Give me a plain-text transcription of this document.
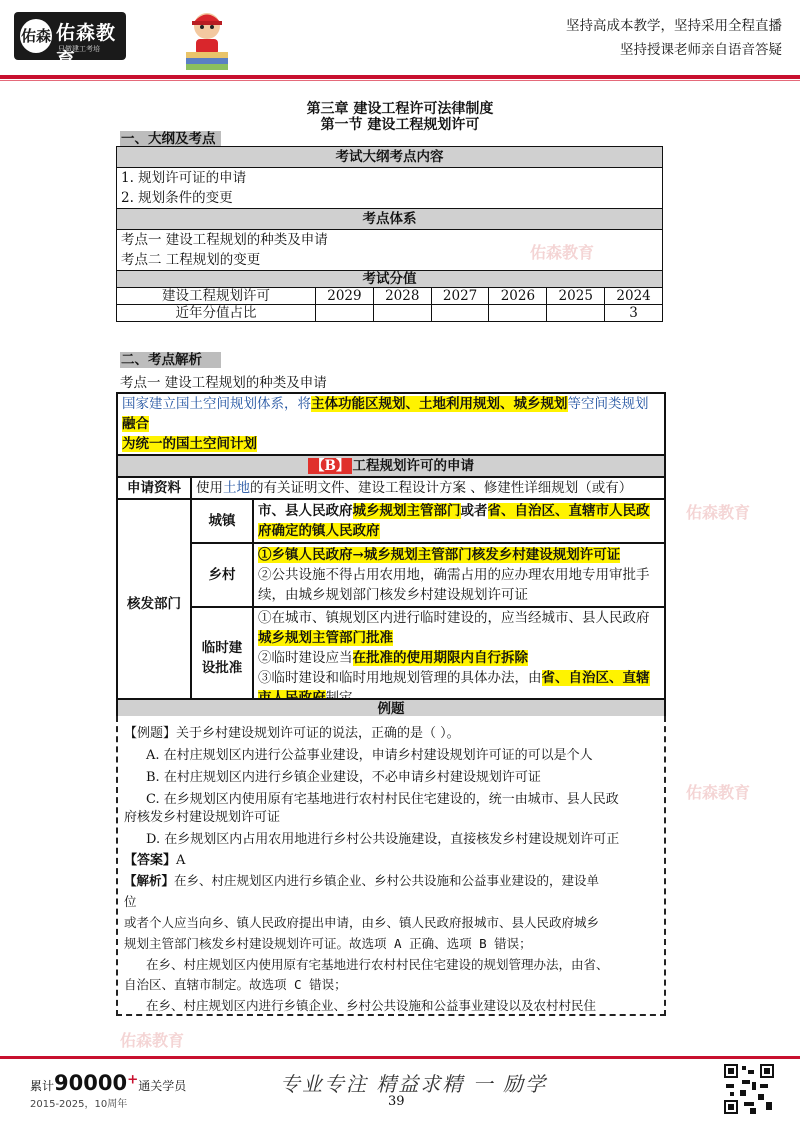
佑森 佑森教育
只做建工考培
坚持高成本教学，坚持采用全程直播
坚持授课老师亲自语音答疑
佑森教育
佑森教育
佑森教育
佑森教育
第三章 建设工程许可法律制度
第一节 建设工程规划许可
一、大纲及考点
考试大纲考点内容						
1. 规划许可证的申请						
2. 规划条件的变更						
考点体系						
考点一 建设工程规划的种类及申请						
考点二 工程规划的变更						
考试分值						
建设工程规划许可	2029	2028	2027	2026	2025	2024
近年分值占比						3
二、考点解析
考点一 建设工程规划的种类及申请
国家建立国土空间规划体系，将主体功能区规划、土地利用规划、城乡规划等空间类规划融合
为统一的国土空间计划		
【B】 工程规划许可的申请		
申请资料	使用土地的有关证明文件、建设工程设计方案 、修建性详细规划（或有）	
核发部门	城镇	市、县人民政府城乡规划主管部门或者省、自治区、直辖市人民政
府确定的镇人民政府
	乡村	①乡镇人民政府→城乡规划主管部门核发乡村建设规划许可证
②公共设施不得占用农用地，确需占用的应办理农用地专用审批手
续，由城乡规划部门核发乡村建设规划许可证
	临时建
设批准	①在城市、镇规划区内进行临时建设的，应当经城市、县人民政府
城乡规划主管部门批准
②临时建设应当在批准的使用期限内自行拆除
③临时建设和临时用地规划管理的具体办法，由省、自治区、直辖

例题
【例题】关于乡村建设规划许可证的说法，正确的是（ ）。
A. 在村庄规划区内进行公益事业建设，申请乡村建设规划许可证的可以是个人
B. 在村庄规划区内进行乡镇企业建设，不必申请乡村建设规划许可证
C. 在乡规划区内使用原有宅基地进行农村村民住宅建设的，统一由城市、县人民政
府核发乡村建设规划许可证
D. 在乡规划区内占用农用地进行乡村公共设施建设，直接核发乡村建设规划许可正
【答案】A
【解析】在乡、村庄规划区内进行乡镇企业、乡村公共设施和公益事业建设的，建设单
位
或者个人应当向乡、镇人民政府提出申请，由乡、镇人民政府报城市、县人民政府城乡
规划主管部门核发乡村建设规划许可证。故选项 A 正确、选项 B 错误；
在乡、村庄规划区内使用原有宅基地进行农村村民住宅建设的规划管理办法，由省、
自治区、直辖市制定。故选项 C 错误；
在乡、村庄规划区内进行乡镇企业、乡村公共设施和公益事业建设以及农村村民住
累计90000+通关学员
2015-2025，10周年
专业专注 精益求精 一 励学
39
